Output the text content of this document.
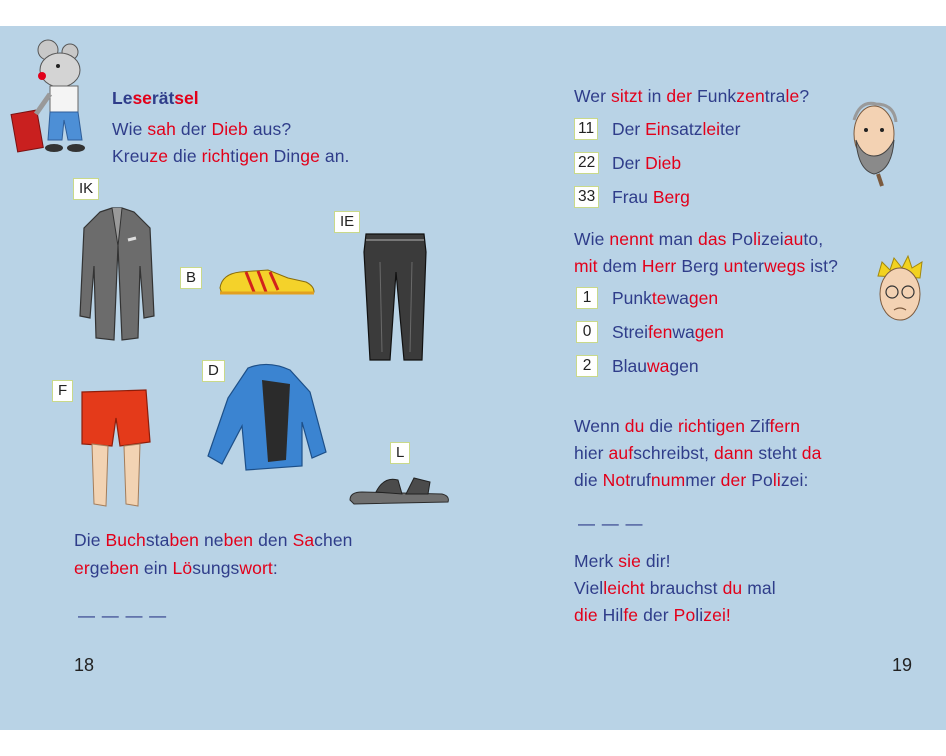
Leserätsel
Wie sah der Dieb aus?
Kreuze die richtigen Dinge an.
IK
B
IE
F
D
L
Die Buchstaben neben den Sachen
ergeben ein Lösungswort:
— — — —
18
Wer sitzt in der Funkzentrale?
11 Der Einsatzleiter
22 Der Dieb
33 Frau Berg
Wie nennt man das Polizeiauto,
mit dem Herr Berg unterwegs ist?
1	Punktewagen
0	Streifenwagen
2	Blauwagen
Wenn du die richtigen Ziffern
hier aufschreibst, dann steht da
die Notrufnummer der Polizei:
— — —
Merk sie dir!
Vielleicht brauchst du mal
die Hilfe der Polizei!
19
